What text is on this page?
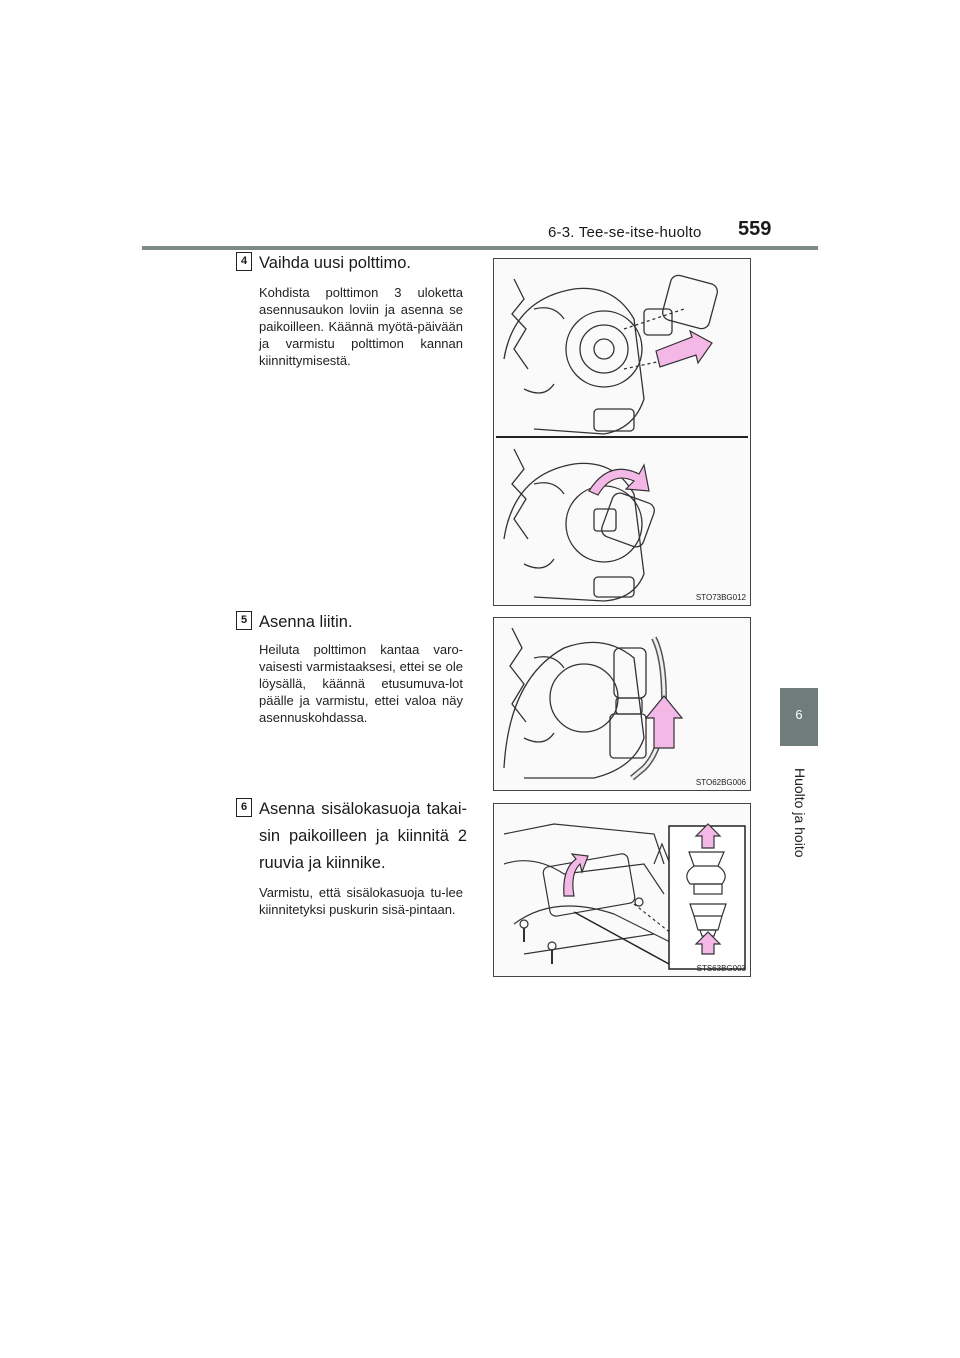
6-3. Tee-se-itse-huolto 559
6
Huolto ja hoito
4 Vaihda uusi polttimo.
Kohdista polttimon 3 uloketta asennusaukon loviin ja asenna se paikoilleen. Käännä myötä-päivään ja varmistu polttimon kannan kiinnittymisestä.
STO73BG012
5 Asenna liitin.
Heiluta polttimon kantaa varo-vaisesti varmistaaksesi, ettei se ole löysällä, käännä etusumuva-lot päälle ja varmistu, ettei valoa näy asennuskohdassa.
STO62BG006
6 Asenna sisälokasuoja takai-sin paikoilleen ja kiinnitä 2 ruuvia ja kiinnike.
Varmistu, että sisälokasuoja tu-lee kiinnitetyksi puskurin sisä-pintaan.
STS63BG003
